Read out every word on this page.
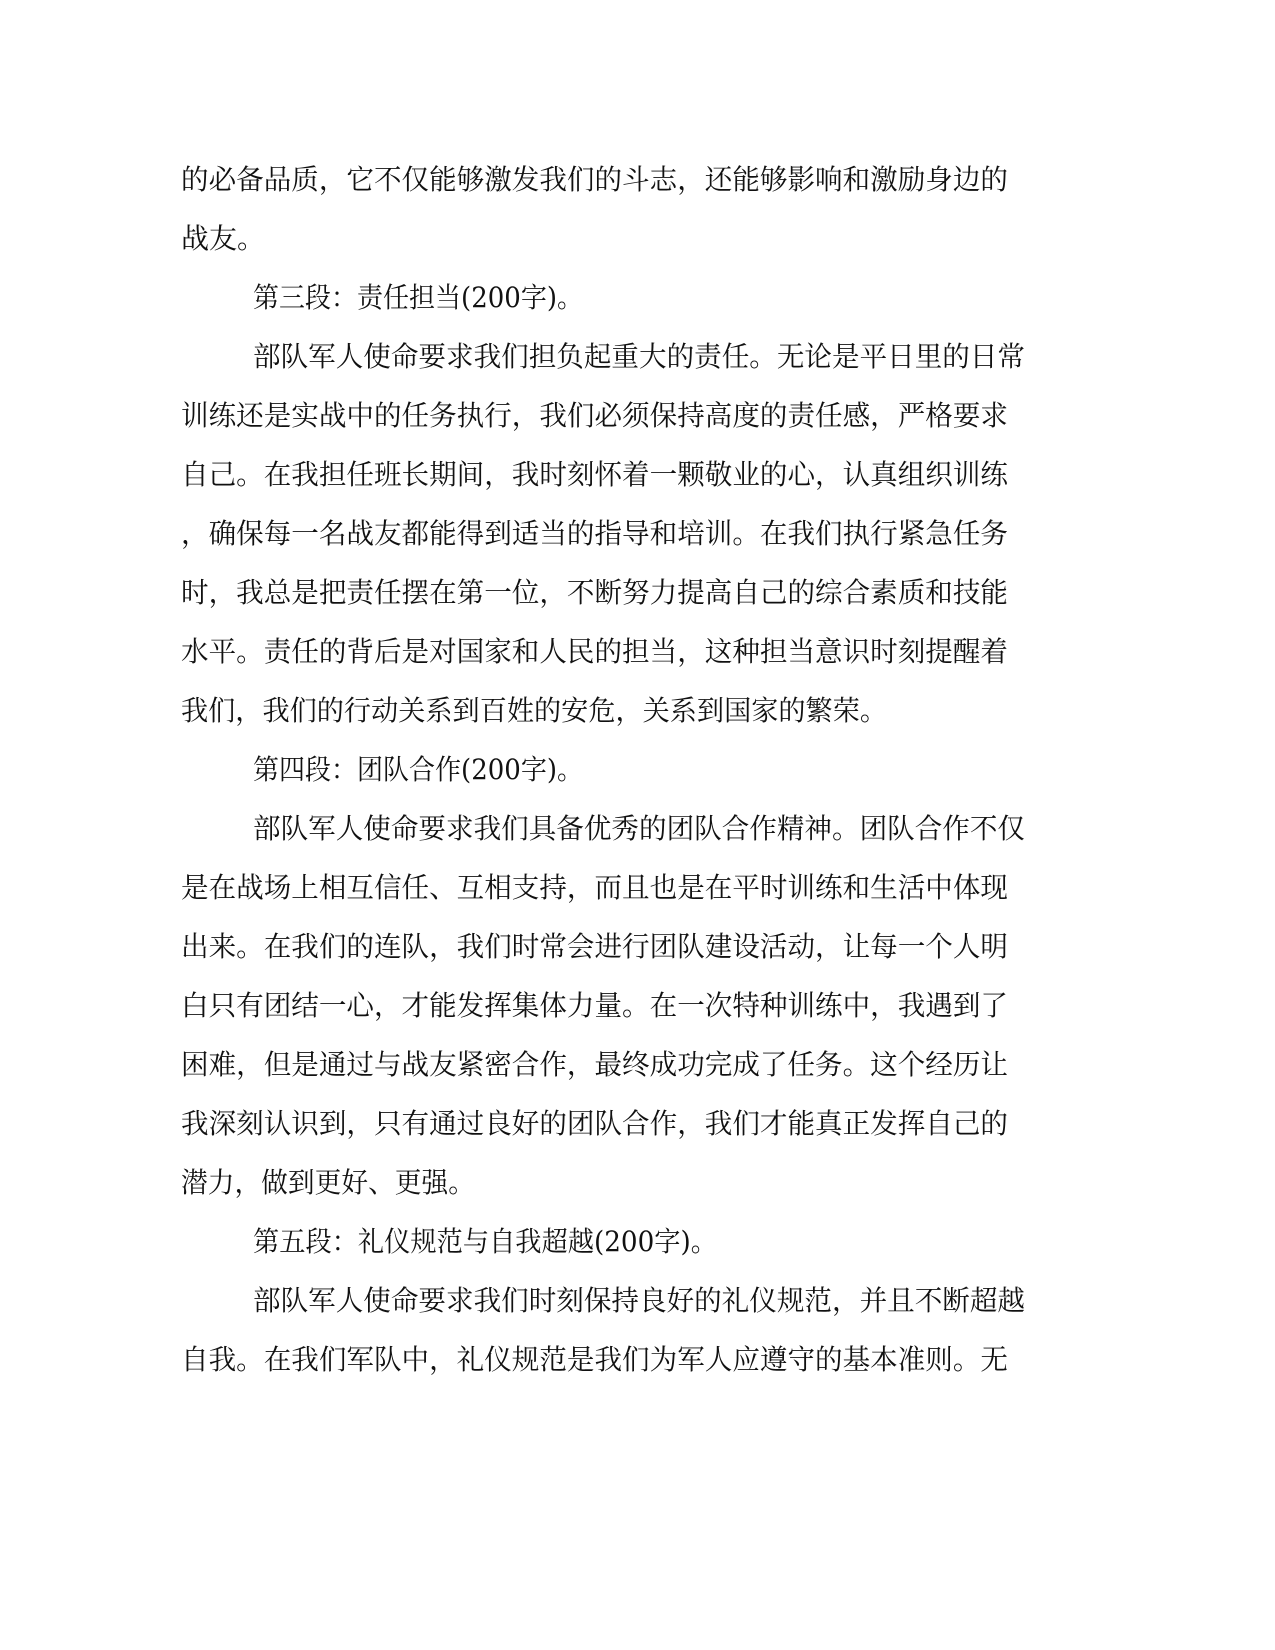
的必备品质，它不仅能够激发我们的斗志，还能够影响和激励身边的

战友。

第三段：责任担当(200字)。

部队军人使命要求我们担负起重大的责任。无论是平日里的日常

训练还是实战中的任务执行，我们必须保持高度的责任感，严格要求

自己。在我担任班长期间，我时刻怀着一颗敬业的心，认真组织训练

，确保每一名战友都能得到适当的指导和培训。在我们执行紧急任务

时，我总是把责任摆在第一位，不断努力提高自己的综合素质和技能

水平。责任的背后是对国家和人民的担当，这种担当意识时刻提醒着

我们，我们的行动关系到百姓的安危，关系到国家的繁荣。

第四段：团队合作(200字)。

部队军人使命要求我们具备优秀的团队合作精神。团队合作不仅

是在战场上相互信任、互相支持，而且也是在平时训练和生活中体现

出来。在我们的连队，我们时常会进行团队建设活动，让每一个人明

白只有团结一心，才能发挥集体力量。在一次特种训练中，我遇到了

困难，但是通过与战友紧密合作，最终成功完成了任务。这个经历让

我深刻认识到，只有通过良好的团队合作，我们才能真正发挥自己的

潜力，做到更好、更强。

第五段：礼仪规范与自我超越(200字)。

部队军人使命要求我们时刻保持良好的礼仪规范，并且不断超越

自我。在我们军队中，礼仪规范是我们为军人应遵守的基本准则。无
